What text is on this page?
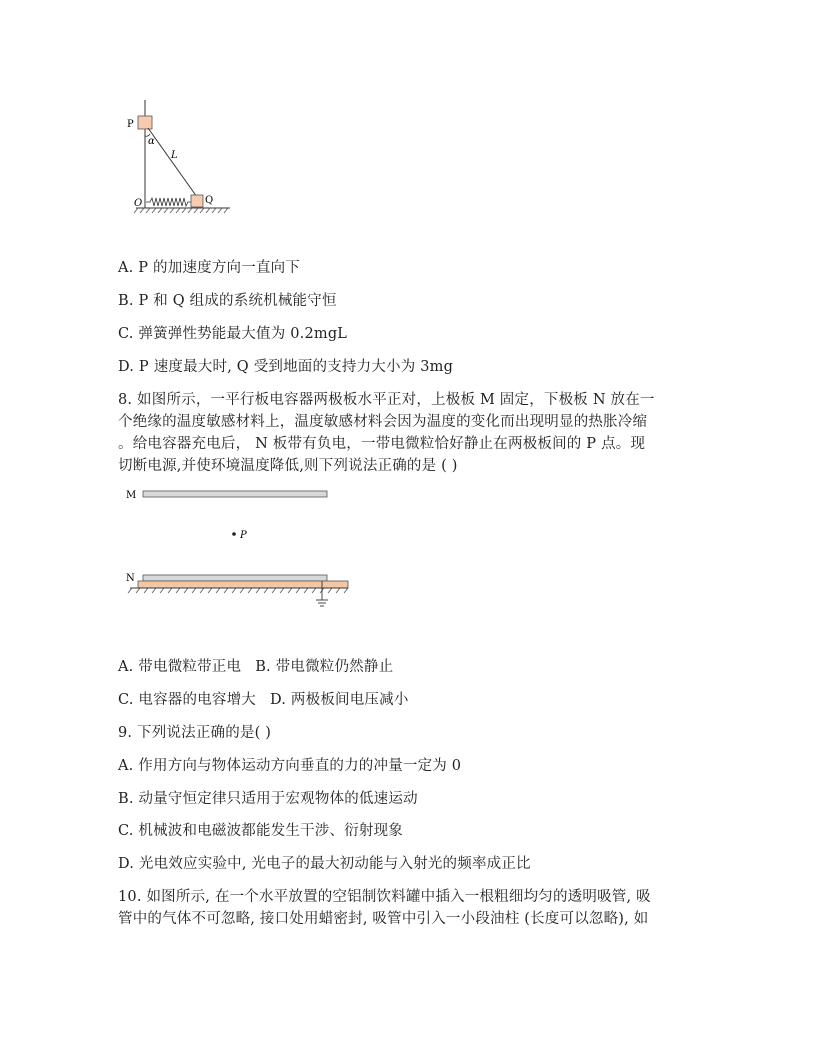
P
α
L
O	Q
A. P 的加速度方向一直向下
B. P 和 Q 组成的系统机械能守恒
C. 弹簧弹性势能最大值为 0.2mgL
D. P 速度最大时, Q 受到地面的支持力大小为 3mg
8. 如图所示，一平行板电容器两极板水平正对，上极板 M 固定，下极板 N 放在一
个绝缘的温度敏感材料上，温度敏感材料会因为温度的变化而出现明显的热胀冷缩
。给电容器充电后， N 板带有负电，一带电微粒恰好静止在两极板间的 P 点。现
切断电源,并使环境温度降低,则下列说法正确的是 ( )
M
P
N
A. 带电微粒带正电 B. 带电微粒仍然静止
C. 电容器的电容增大 D. 两极板间电压减小
9. 下列说法正确的是( )
A. 作用方向与物体运动方向垂直的力的冲量一定为 0
B. 动量守恒定律只适用于宏观物体的低速运动
C. 机械波和电磁波都能发生干涉、衍射现象
D. 光电效应实验中, 光电子的最大初动能与入射光的频率成正比
10. 如图所示, 在一个水平放置的空铝制饮料罐中插入一根粗细均匀的透明吸管, 吸
管中的气体不可忽略, 接口处用蜡密封, 吸管中引入一小段油柱 (长度可以忽略), 如
